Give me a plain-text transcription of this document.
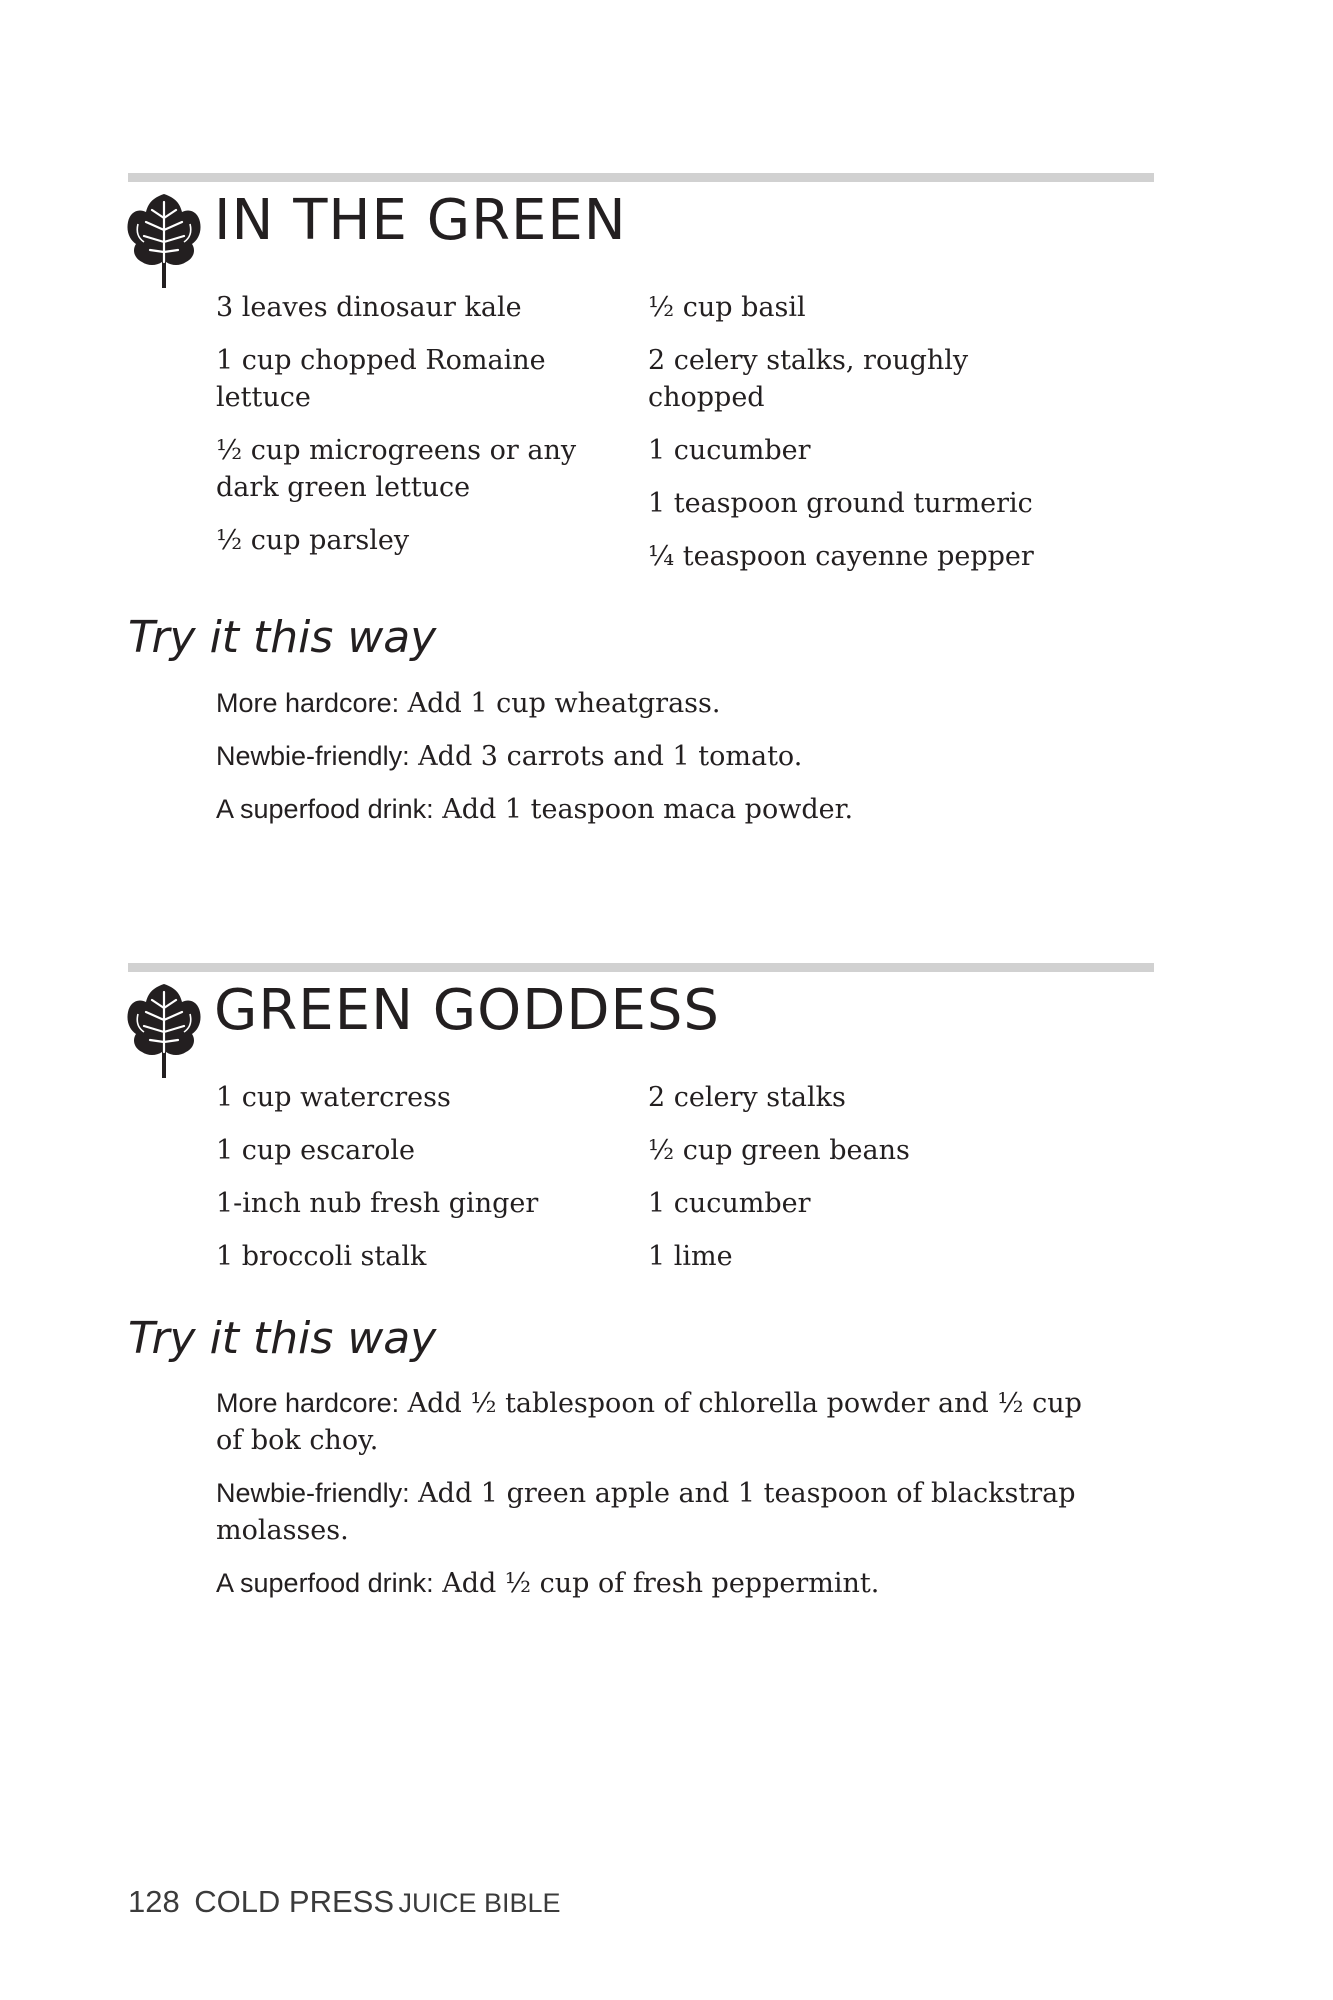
IN THE GREEN
3 leaves dinosaur kale
1 cup chopped Romaine lettuce
½ cup microgreens or any dark green lettuce
½ cup parsley
½ cup basil
2 celery stalks, roughly chopped
1 cucumber
1 teaspoon ground turmeric
¼ teaspoon cayenne pepper
Try it this way
More hardcore: Add 1 cup wheatgrass.
Newbie-friendly: Add 3 carrots and 1 tomato.
A superfood drink: Add 1 teaspoon maca powder.
GREEN GODDESS
1 cup watercress
1 cup escarole
1-inch nub fresh ginger
1 broccoli stalk
2 celery stalks
½ cup green beans
1 cucumber
1 lime
Try it this way
More hardcore: Add ½ tablespoon of chlorella powder and ½ cup of bok choy.
Newbie-friendly: Add 1 green apple and 1 teaspoon of blackstrap molasses.
A superfood drink: Add ½ cup of fresh peppermint.
128 COLD PRESS JUICE BIBLE
